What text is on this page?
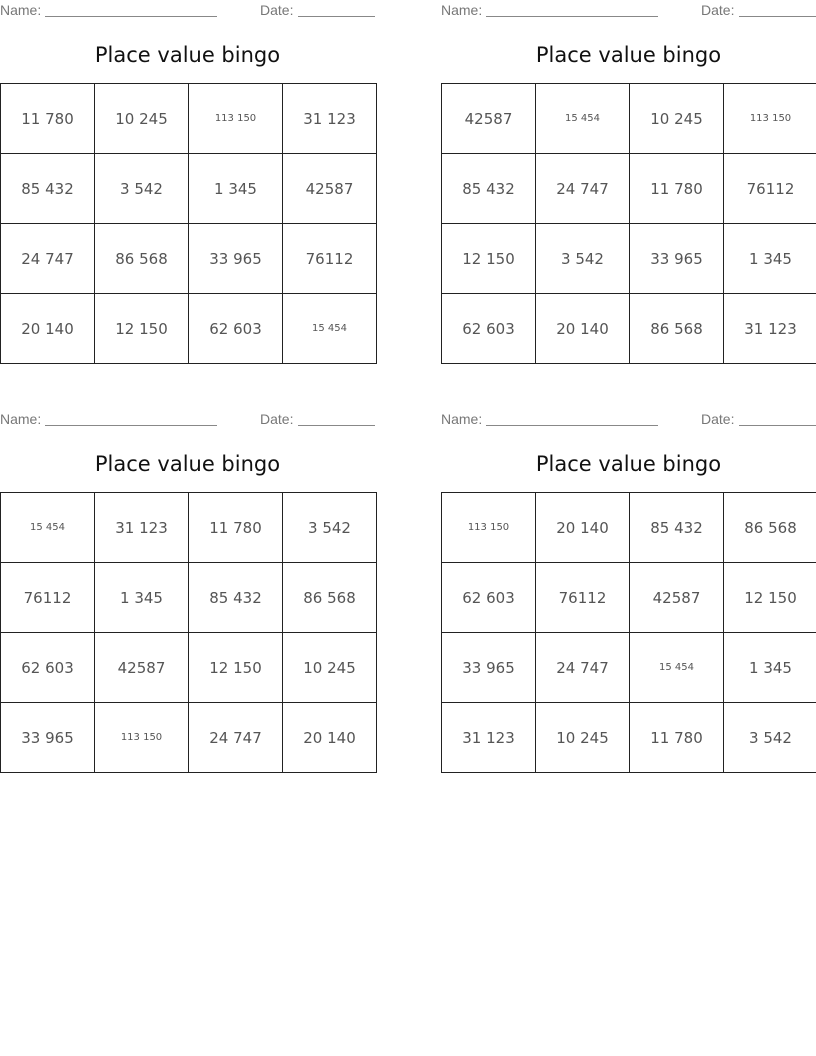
Name:	Date:
Place value bingo
11 780	10 245	113 150	31 123
85 432	3 542	1 345	42587
24 747	86 568	33 965	76112
20 140	12 150	62 603	15 454
Name:	Date:
Place value bingo
42587	15 454	10 245	113 150
85 432	24 747	11 780	76112
12 150	3 542	33 965	1 345
62 603	20 140	86 568	31 123
Name:	Date:
Place value bingo
15 454	31 123	11 780	3 542
76112	1 345	85 432	86 568
62 603	42587	12 150	10 245
33 965	113 150	24 747	20 140
Name:	Date:
Place value bingo
113 150	20 140	85 432	86 568
62 603	76112	42587	12 150
33 965	24 747	15 454	1 345
31 123	10 245	11 780	3 542
